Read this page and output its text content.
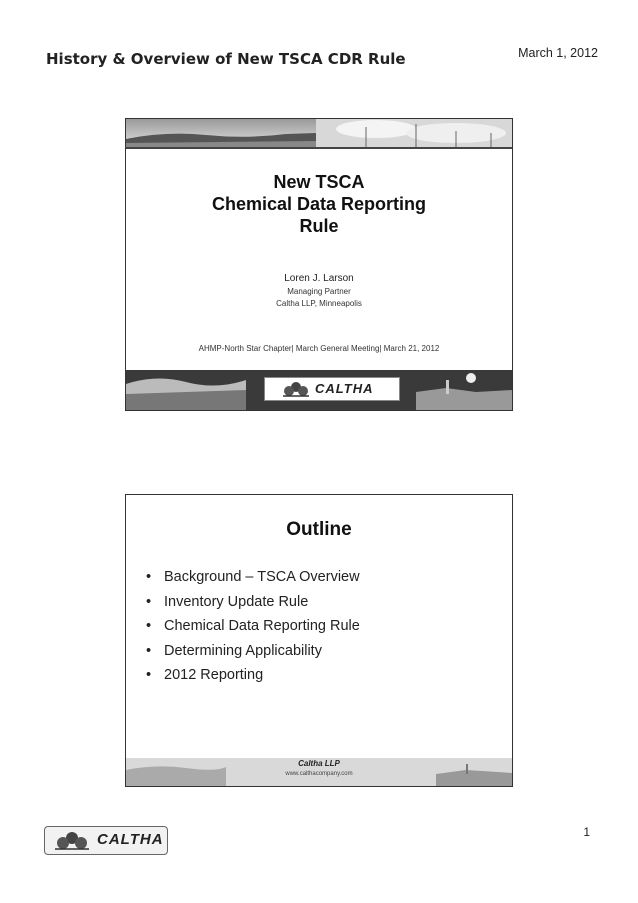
History & Overview of New TSCA CDR Rule	March 1, 2012
New TSCA
Chemical Data Reporting
Rule
Loren J. Larson
Managing Partner
Caltha LLP, Minneapolis
AHMP-North Star Chapter| March General Meeting| March 21, 2012
CALTHA
Outline
• Background – TSCA Overview
• Inventory Update Rule
• Chemical Data Reporting Rule
• Determining Applicability
• 2012 Reporting
Caltha LLP
www.calthacompany.com
CALTHA	1
